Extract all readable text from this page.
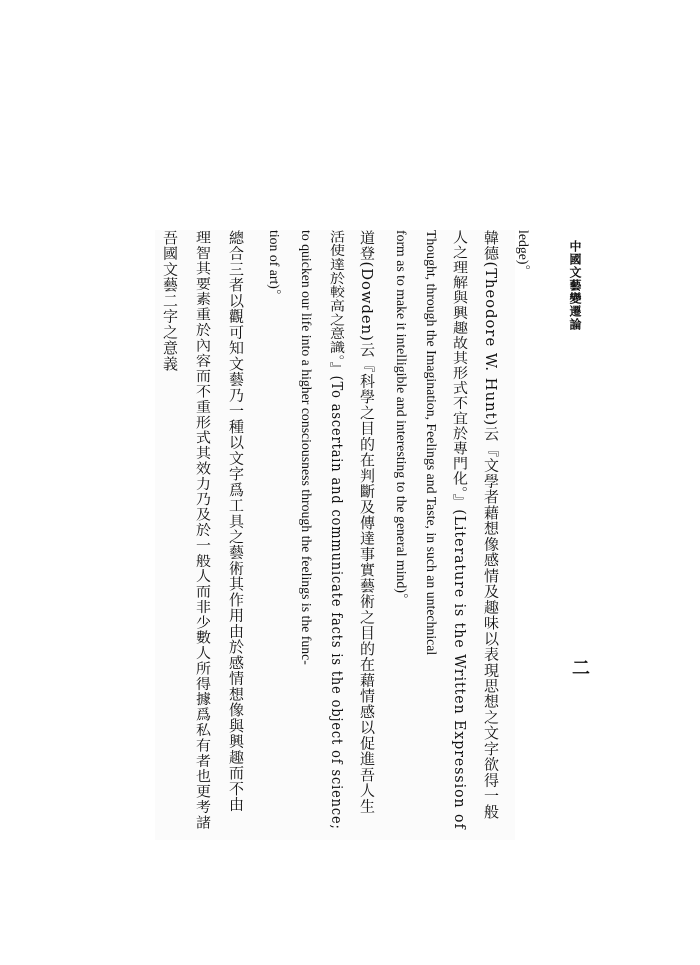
ledge)。
韓德(Theodore W. Hunt)云『文學者藉想像感情及趣味以表現思想之文字欲得一般
人之理解與興趣故其形式不宜於專門化。』(Literature is the Written Expression of
Thought, through the Imagination, Feelings and Taste, in such an untechnical
form as to make it intelligible and interesting to the general mind)。
道登(Dowden)云『科學之目的在判斷及傳達事實藝術之目的在藉情感以促進吾人生
活使達於較高之意識。』(To ascertain and communicate facts is the object of science;
to quicken our life into a higher consciousness through the feelings is the func-
tion of art)。
總合三者以觀可知文藝乃一種以文字爲工具之藝術其作用由於感情想像與興趣而不由
理智其要素重於內容而不重形式其效力乃及於一般人而非少數人所得據爲私有者也更考諸
吾國文藝二字之意義	中國文藝變遷論
二
